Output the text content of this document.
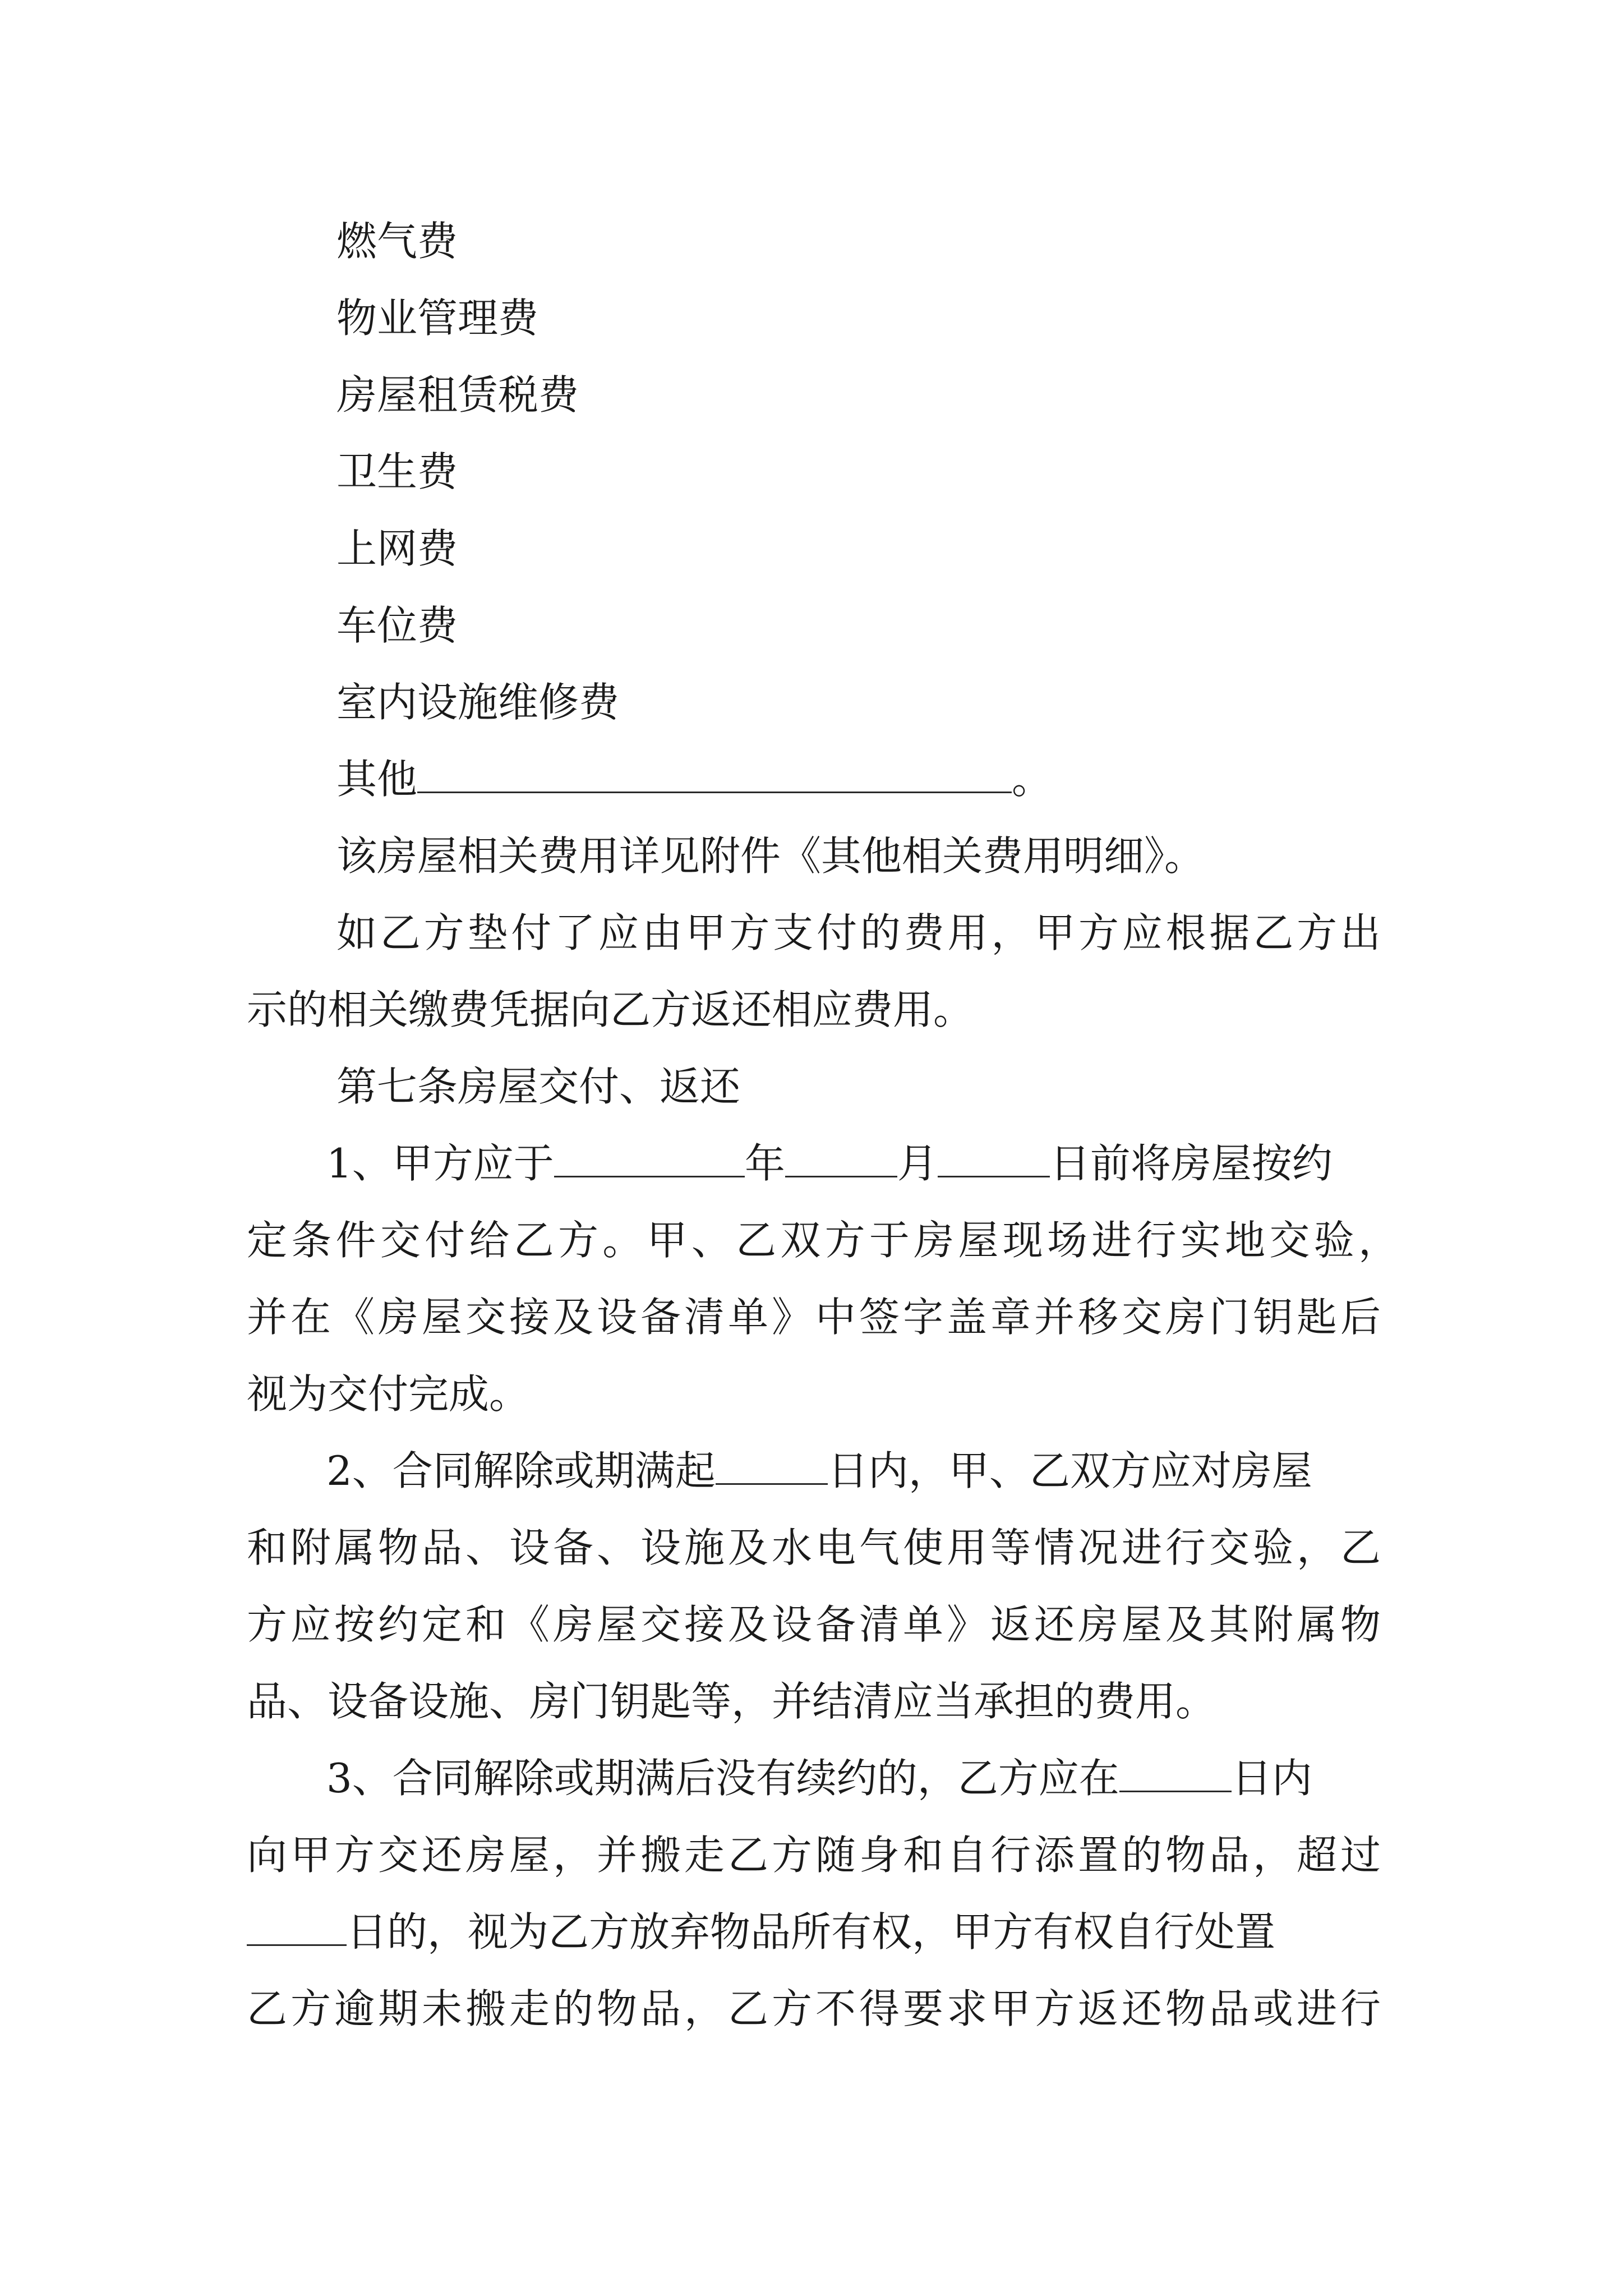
燃气费
物业管理费
房屋租赁税费
卫生费
上网费
车位费
室内设施维修费
其他	。
该房屋相关费用详见附件《其他相关费用明细》。
如乙方垫付了应由甲方支付的费用，甲方应根据乙方出
示的相关缴费凭据向乙方返还相应费用。
第七条房屋交付、返还
1、甲方应于	年	月	日前将房屋按约
定条件交付给乙方。甲、乙双方于房屋现场进行实地交验，
并在《房屋交接及设备清单》中签字盖章并移交房门钥匙后
视为交付完成。
2、合同解除或期满起	日内，甲、乙双方应对房屋
和附属物品、设备、设施及水电气使用等情况进行交验，乙
方应按约定和《房屋交接及设备清单》返还房屋及其附属物
品、设备设施、房门钥匙等，并结清应当承担的费用。
3、合同解除或期满后没有续约的，乙方应在	日内
向甲方交还房屋，并搬走乙方随身和自行添置的物品，超过
日的，视为乙方放弃物品所有权，甲方有权自行处置
乙方逾期未搬走的物品，乙方不得要求甲方返还物品或进行
